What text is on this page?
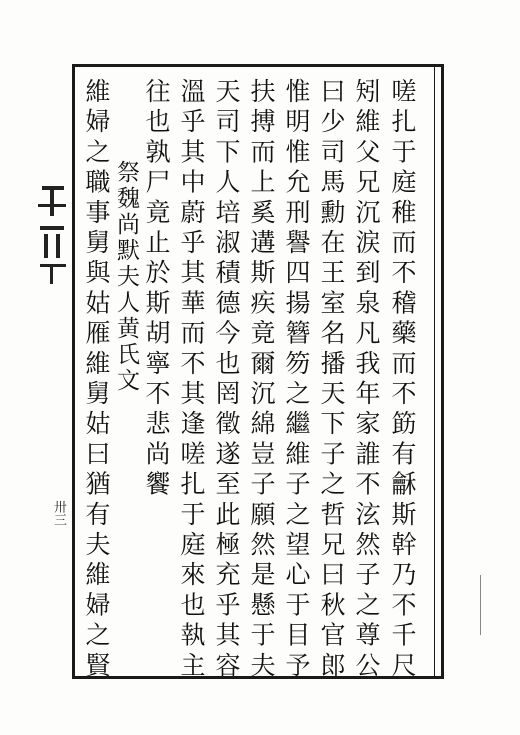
嗟扎于庭稚而不稽藥而不筯有龢斯幹乃不千尺
矧維父兄沉涙到泉凡我年家誰不泫然子之尊公
曰少司馬勳在王室名播天下子之哲兄曰秋官郎
惟明惟允刑譽四揚簪笏之繼維子之望心于目予
扶搏而上奚遘斯疾竟爾沉綿豈子願然是懸于夫
天司下人培淑積德今也罔徵遂至此極充乎其容
溫乎其中蔚乎其華而不其逢嗟扎于庭來也執主
往也孰尸竟止於斯胡寧不悲尚饗
祭魏尚默夫人黄氏文
維婦之職事舅與姑雁維舅姑曰猶有夫維婦之賢
卅三
